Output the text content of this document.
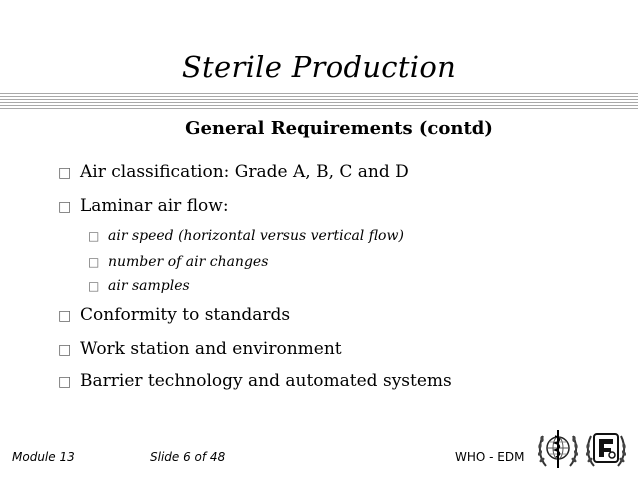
Sterile Production
General Requirements (contd)
□ Air classification: Grade A, B, C and D
□ Laminar air flow:
□ air speed (horizontal versus vertical flow)
□ number of air changes
□ air samples
□ Conformity to standards
□ Work station and environment
□ Barrier technology and automated systems
Module 13	Slide 6 of 48	WHO - EDM
